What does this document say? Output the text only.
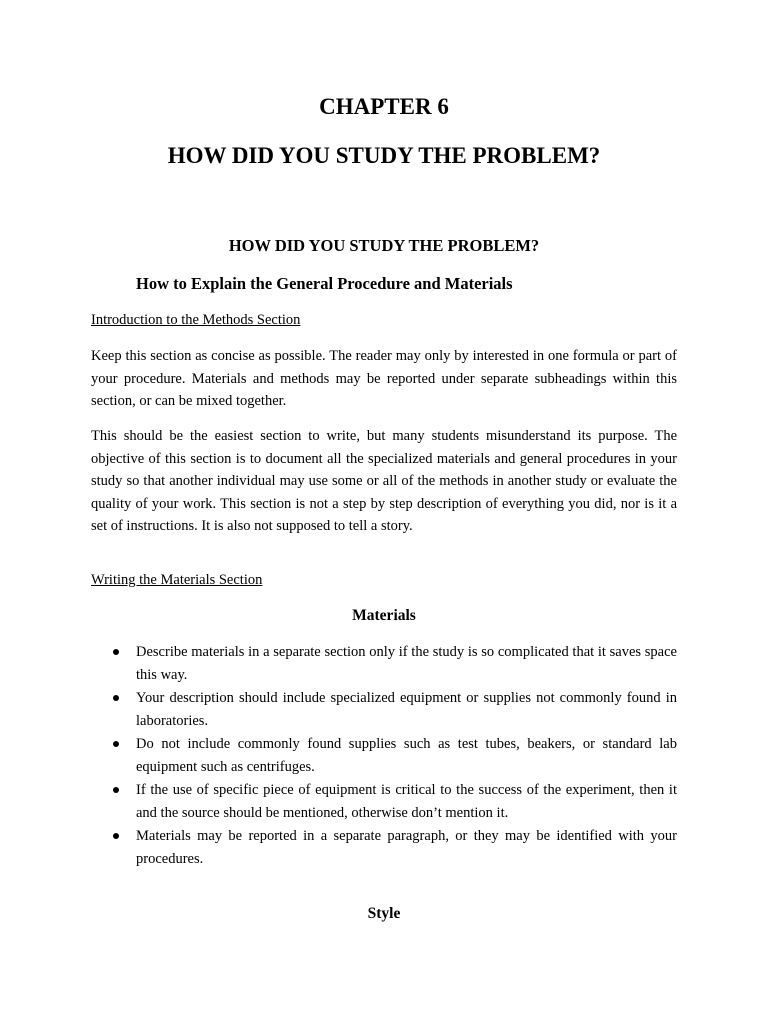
CHAPTER 6
HOW DID YOU STUDY THE PROBLEM?
HOW DID YOU STUDY THE PROBLEM?
How to Explain the General Procedure and Materials

Introduction to the Methods Section

Keep this section as concise as possible. The reader may only by interested in one formula or part of your procedure. Materials and methods may be reported under separate subheadings within this section, or can be mixed together.

This should be the easiest section to write, but many students misunderstand its purpose. The objective of this section is to document all the specialized materials and general procedures in your study so that another individual may use some or all of the methods in another study or evaluate the quality of your work. This section is not a step by step description of everything you did, nor is it a set of instructions. It is also not supposed to tell a story.

Writing the Materials Section

Materials

Describe materials in a separate section only if the study is so complicated that it saves space this way.
Your description should include specialized equipment or supplies not commonly found in laboratories.
Do not include commonly found supplies such as test tubes, beakers, or standard lab equipment such as centrifuges.
If the use of specific piece of equipment is critical to the success of the experiment, then it and the source should be mentioned, otherwise don’t mention it.
Materials may be reported in a separate paragraph, or they may be identified with your procedures.

Style
